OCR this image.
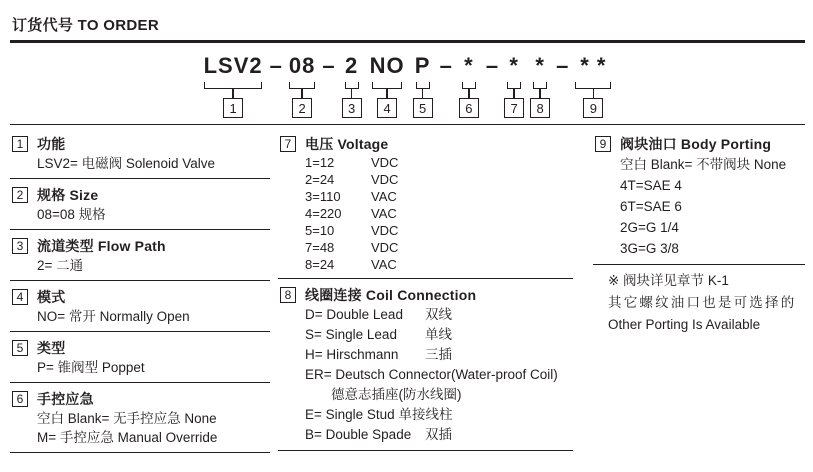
订货代号 TO ORDER
LSV2
1
– 08
2
– 2
3
NO
4
P
5
– *
6
– *
7
*
8
– * *
9
1 功能
LSV2= 电磁阀 Solenoid Valve
2 规格 Size
08=08 规格
3 流道类型 Flow Path
2= 二通
4 模式
NO= 常开 Normally Open
5 类型
P= 锥阀型 Poppet
6 手控应急
空白 Blank= 无手控应急 None
M= 手控应急 Manual Override
7 电压 Voltage
1=12	VDC
2=24	VDC
3=110	VAC
4=220	VAC
5=10	VDC
7=48	VDC
8=24	VAC
8 线圈连接 Coil Connection
D= Double Lead	双线
S= Single Lead	单线
H= Hirschmann	三插
ER= Deutsch Connector(Water-proof Coil)
德意志插座(防水线圈)
E= Single Stud 单接线柱
B= Double Spade	双插
9 阀块油口 Body Porting
空白 Blank= 不带阀块 None
4T=SAE 4
6T=SAE 6
2G=G 1/4
3G=G 3/8
※ 阀块详见章节 K-1
其它螺纹油口也是可选择的
Other Porting Is Available
